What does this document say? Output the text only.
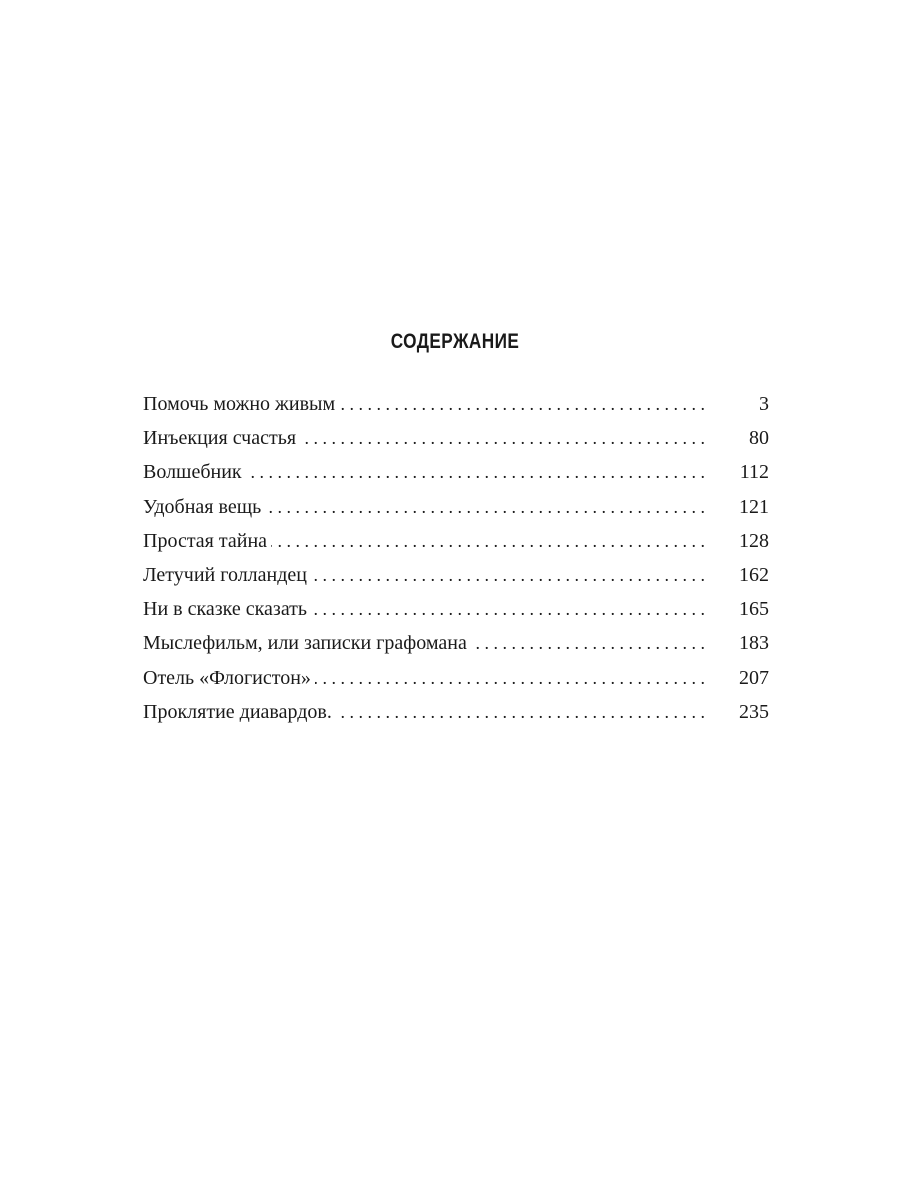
СОДЕРЖАНИЕ
Помочь можно живым . . .	3
Инъекция счастья . . .	80
Волшебник . . .	112
Удобная вещь . . .	121
Простая тайна . . .	128
Летучий голландец . . .	162
Ни в сказке сказать . . .	165
Мыслефильм, или записки графомана . . .	183
Отель «Флогистон» . . .	207
Проклятие диавардов. . . .	235
